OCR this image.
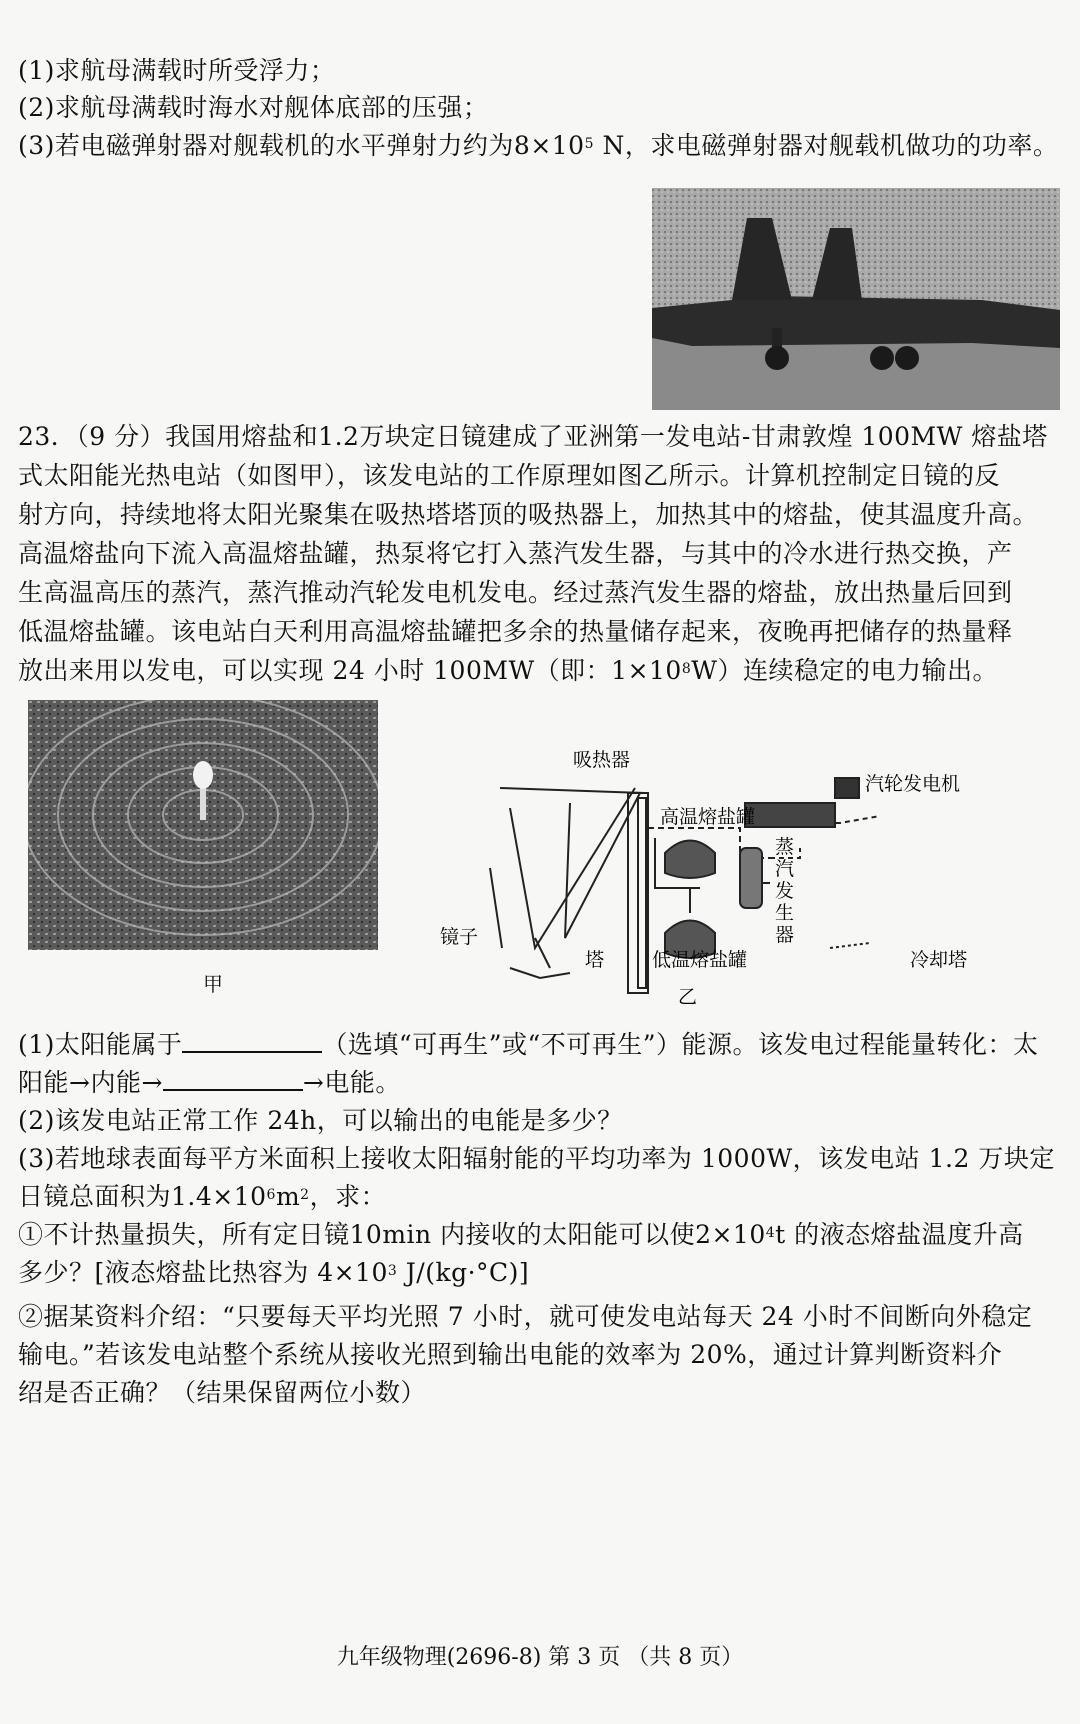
(1)求航母满载时所受浮力；
(2)求航母满载时海水对舰体底部的压强；
(3)若电磁弹射器对舰载机的水平弹射力约为$8\times 10^5$ N，求电磁弹射器对舰载机做功的功率。
23．（9 分）我国用熔盐和1.2万块定日镜建成了亚洲第一发电站-甘肃敦煌 100MW 熔盐塔
式太阳能光热电站（如图甲），该发电站的工作原理如图乙所示。计算机控制定日镜的反
射方向，持续地将太阳光聚集在吸热塔塔顶的吸热器上，加热其中的熔盐，使其温度升高。
高温熔盐向下流入高温熔盐罐，热泵将它打入蒸汽发生器，与其中的冷水进行热交换，产
生高温高压的蒸汽，蒸汽推动汽轮发电机发电。经过蒸汽发生器的熔盐，放出热量后回到
低温熔盐罐。该电站白天利用高温熔盐罐把多余的热量储存起来，夜晚再把储存的热量释
放出来用以发电，可以实现 24 小时 100MW（即：$1\times 10^8W$）连续稳定的电力输出。
甲
吸热器
高温熔盐罐
汽轮发电机
蒸
汽
发
生
器
镜子
塔	低温熔盐罐	冷却塔
乙
(1)太阳能属于	（选填“可再生”或“不可再生”）能源。该发电过程能量转化：太
阳能→内能→	→电能。
(2)该发电站正常工作 24h，可以输出的电能是多少？
(3)若地球表面每平方米面积上接收太阳辐射能的平均功率为 1000W，该发电站 1.2 万块定
日镜总面积为$1.4\times 10^6m^2$，求：
①不计热量损失，所有定日镜10min 内接收的太阳能可以使$2\times 10^4t$ 的液态熔盐温度升高
多少？[液态熔盐比热容为 $4\times 10^3$ J/(kg·°C)]
②据某资料介绍：“只要每天平均光照 7 小时，就可使发电站每天 24 小时不间断向外稳定
输电。”若该发电站整个系统从接收光照到输出电能的效率为 20%，通过计算判断资料介
绍是否正确？（结果保留两位小数）
九年级物理(2696-8) 第 3 页 （共 8 页）
